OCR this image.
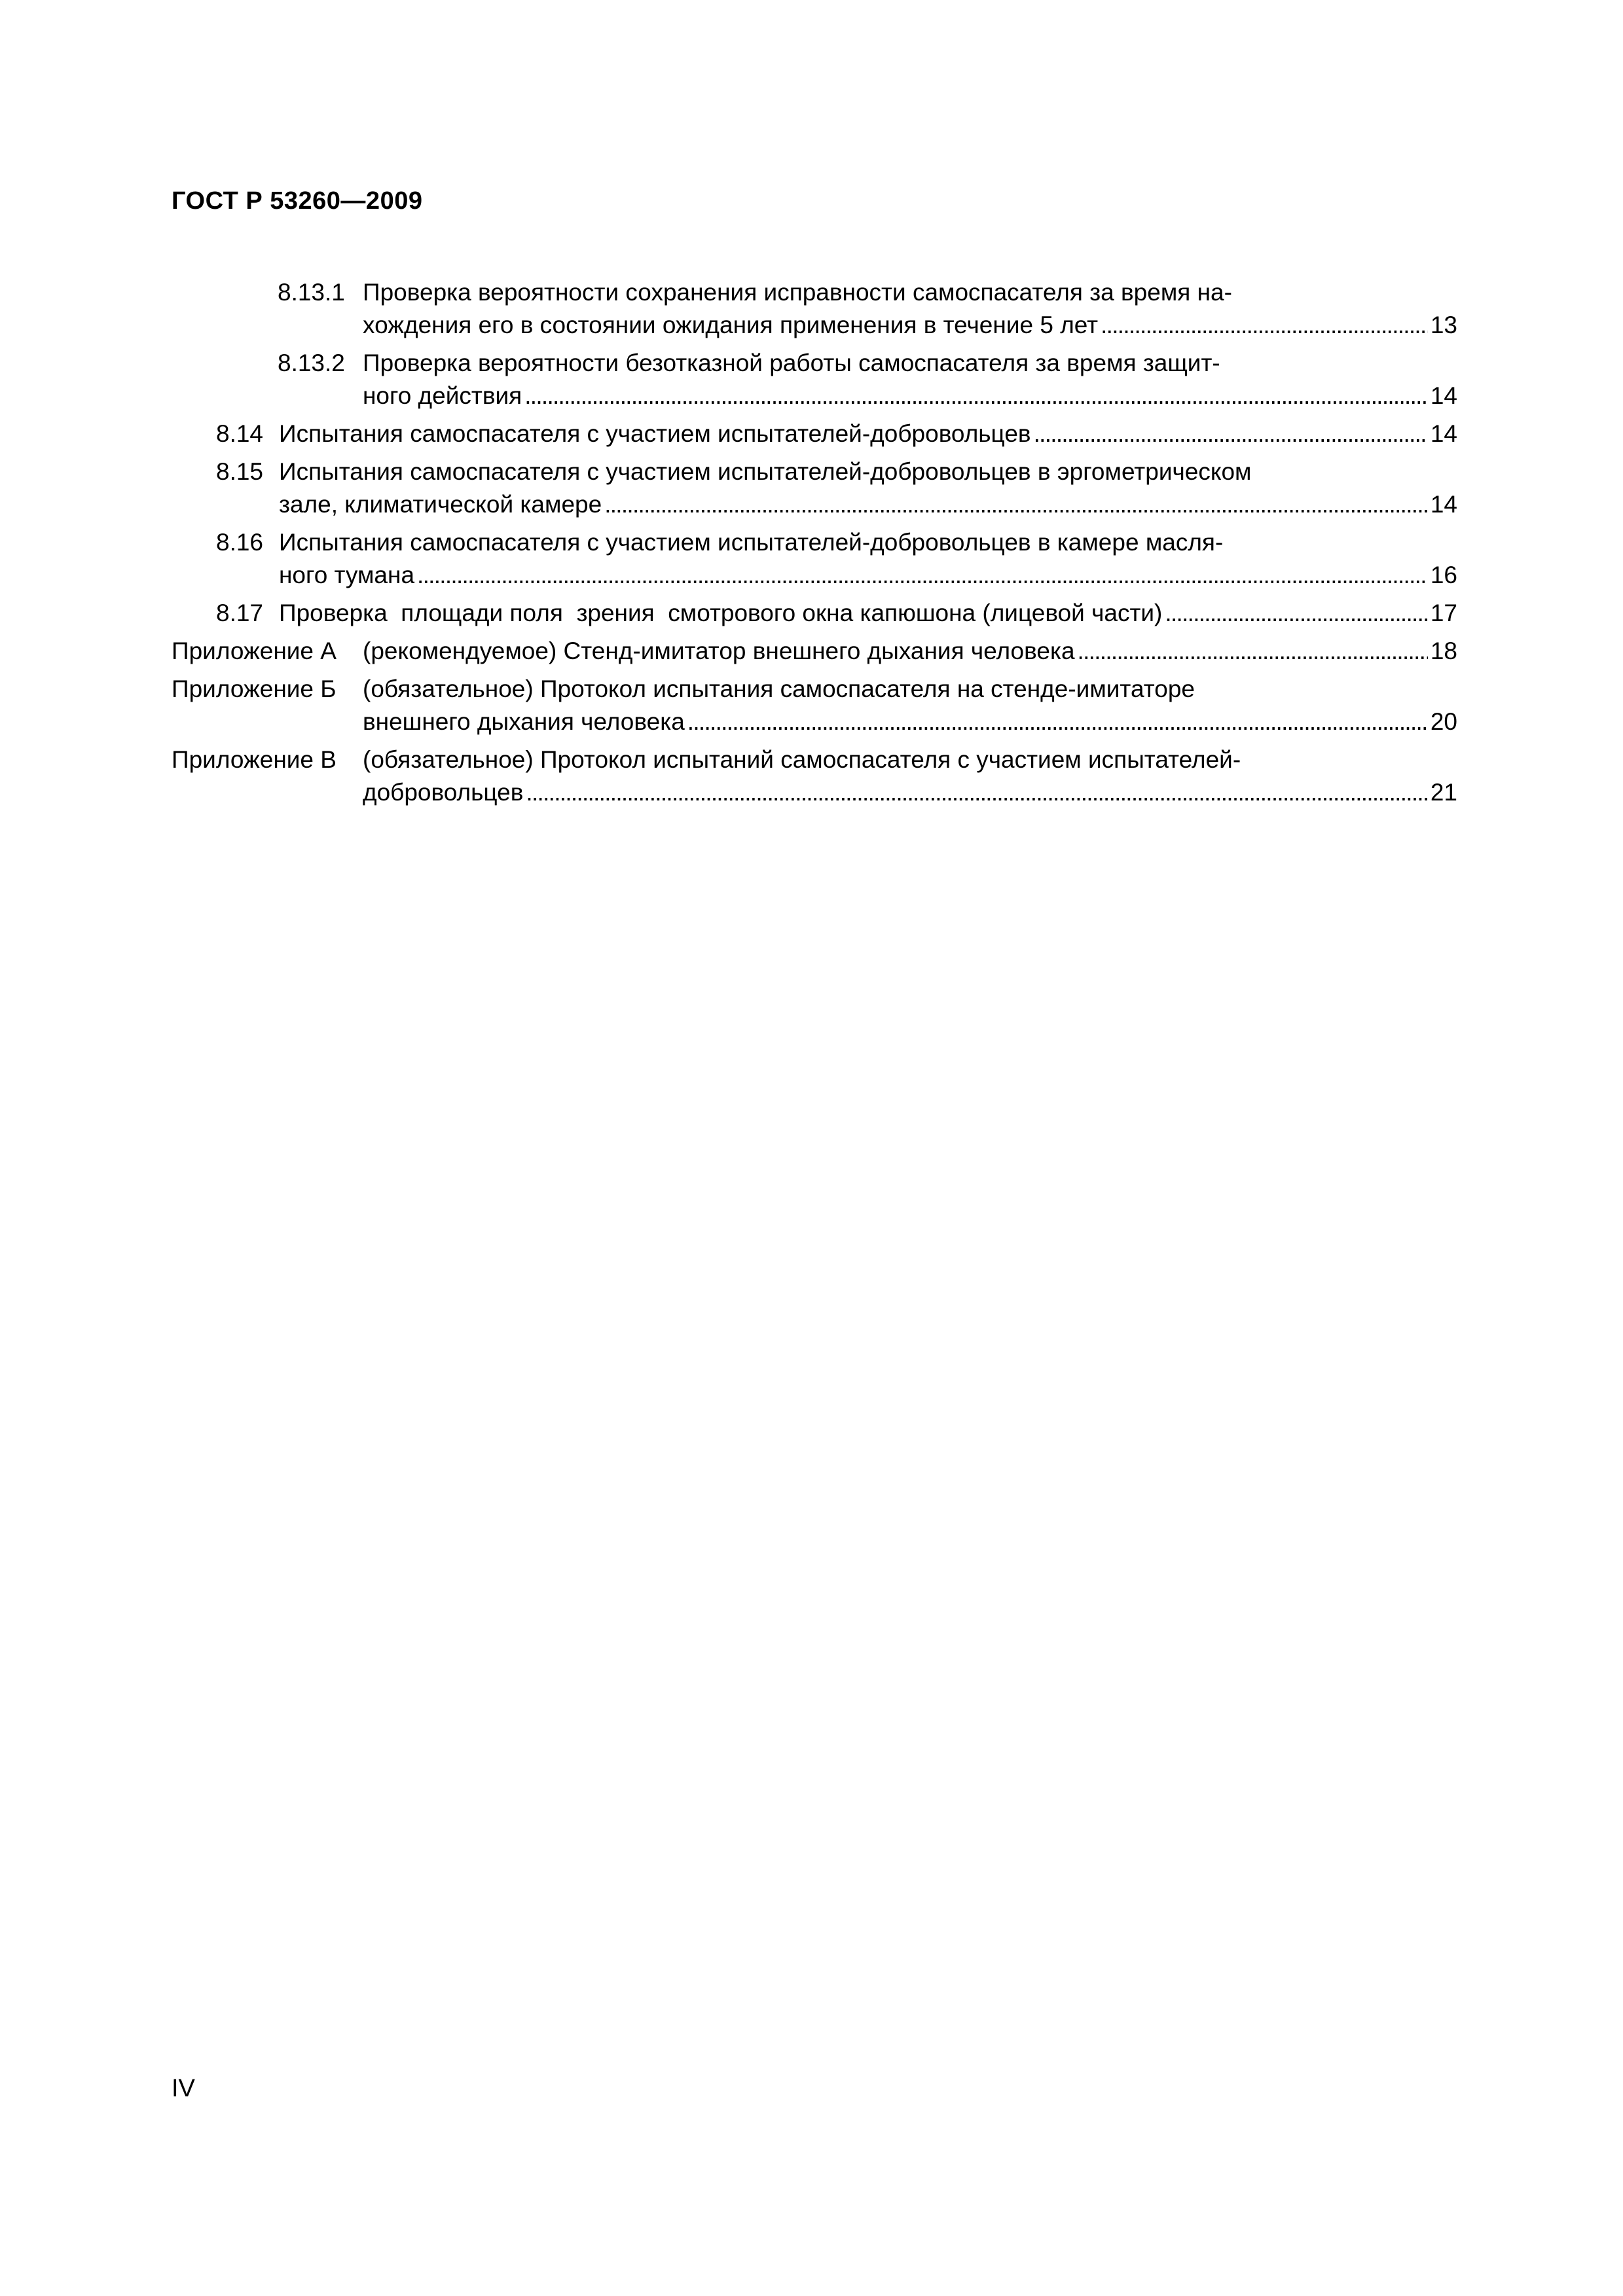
ГОСТ Р 53260—2009
8.13.1 Проверка вероятности сохранения исправности самоспасателя за время на-
хождения его в состоянии ожидания применения в течение 5 лет . . .	13
8.13.2 Проверка вероятности безотказной работы самоспасателя за время защит-
ного действия . . .	14
8.14 Испытания самоспасателя с участием испытателей-добровольцев . . .	14
8.15 Испытания самоспасателя с участием испытателей-добровольцев в эргометрическом
зале, климатической камере . . .	14
8.16 Испытания самоспасателя с участием испытателей-добровольцев в камере масля-
ного тумана . . .	16
8.17 Проверка  площади поля  зрения  смотрового окна капюшона (лицевой части) . . .	17
Приложение А	(рекомендуемое) Стенд-имитатор внешнего дыхания человека . . .	18
Приложение Б	(обязательное) Протокол испытания самоспасателя на стенде-имитаторе
внешнего дыхания человека . . .	20
Приложение В	(обязательное) Протокол испытаний самоспасателя с участием испытателей-
добровольцев . . .	21
IV
